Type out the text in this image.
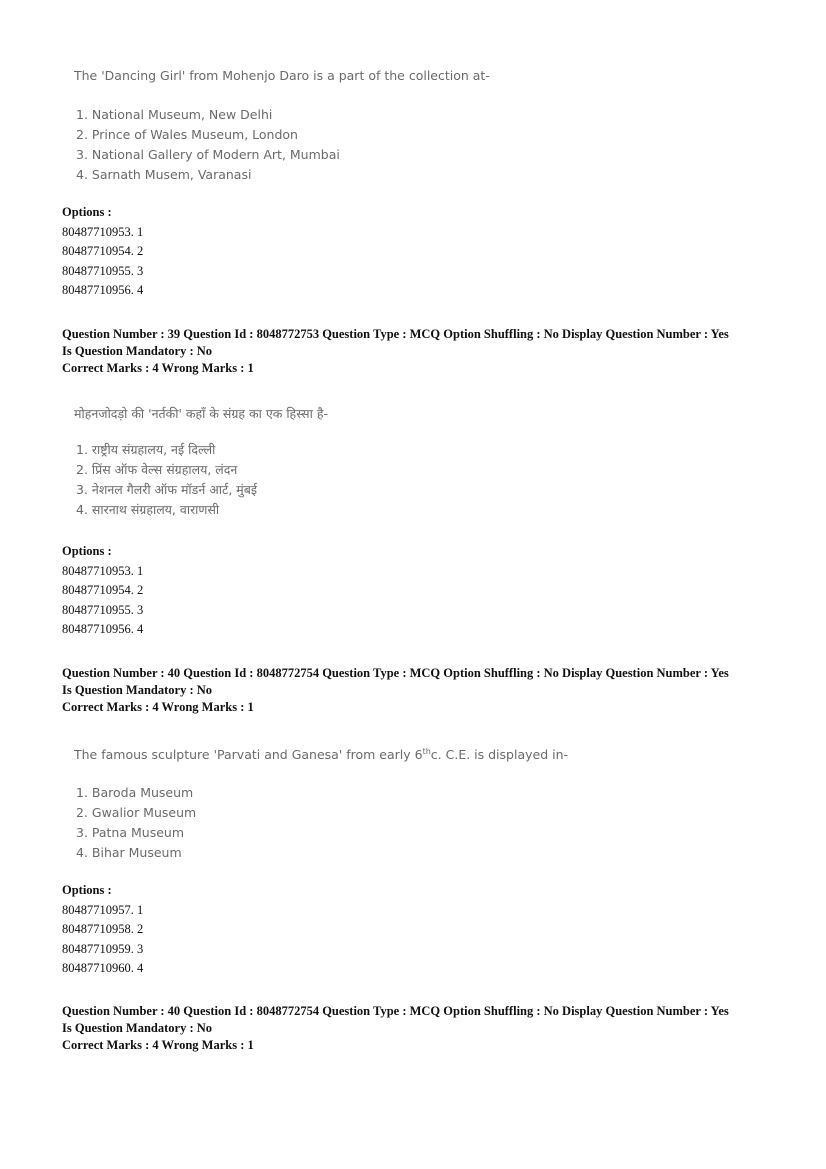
The 'Dancing Girl' from Mohenjo Daro is a part of the collection at-
1. National Museum, New Delhi
2. Prince of Wales Museum, London
3. National Gallery of Modern Art, Mumbai
4. Sarnath Musem, Varanasi
Options :
80487710953. 1
80487710954. 2
80487710955. 3
80487710956. 4
Question Number : 39 Question Id : 8048772753 Question Type : MCQ Option Shuffling : No Display Question Number : Yes
Is Question Mandatory : No
Correct Marks : 4 Wrong Marks : 1
मोहनजोदड़ो की 'नर्तकी' कहाँ के संग्रह का एक हिस्सा है-
1. राष्ट्रीय संग्रहालय, नई दिल्ली
2. प्रिंस ऑफ वेल्स संग्रहालय, लंदन
3. नेशनल गैलरी ऑफ मॉडर्न आर्ट, मुंबई
4. सारनाथ संग्रहालय, वाराणसी
Options :
80487710953. 1
80487710954. 2
80487710955. 3
80487710956. 4
Question Number : 40 Question Id : 8048772754 Question Type : MCQ Option Shuffling : No Display Question Number : Yes
Is Question Mandatory : No
Correct Marks : 4 Wrong Marks : 1
The famous sculpture 'Parvati and Ganesa' from early 6thc. C.E. is displayed in-
1. Baroda Museum
2. Gwalior Museum
3. Patna Museum
4. Bihar Museum
Options :
80487710957. 1
80487710958. 2
80487710959. 3
80487710960. 4
Question Number : 40 Question Id : 8048772754 Question Type : MCQ Option Shuffling : No Display Question Number : Yes
Is Question Mandatory : No
Correct Marks : 4 Wrong Marks : 1
